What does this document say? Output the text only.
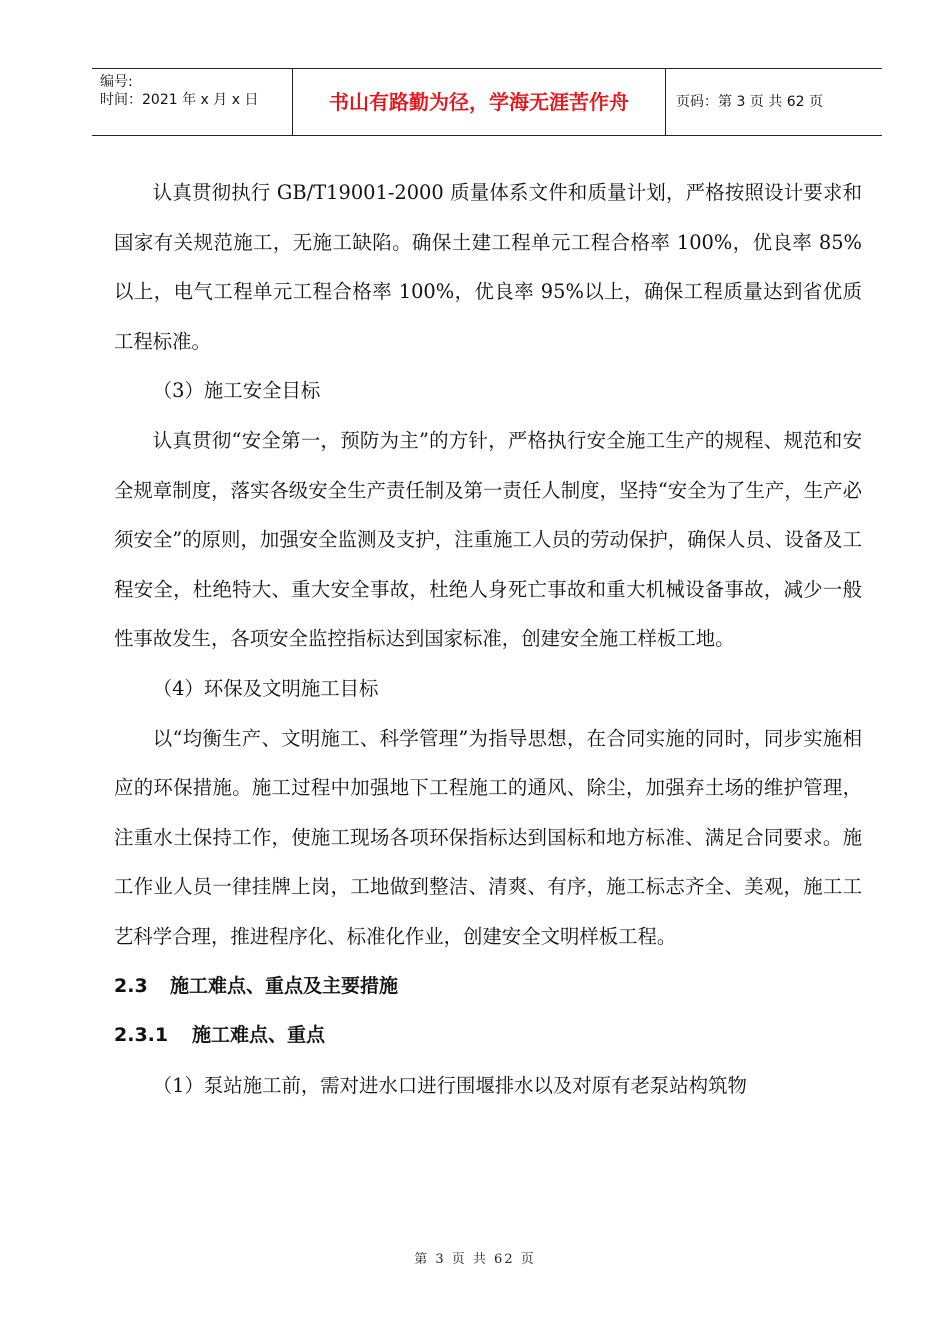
编号:
时间：2021 年 x 月 x 日	书山有路勤为径，学海无涯苦作舟	页码：第 3 页 共 62 页

认真贯彻执行 GB/T19001-2000 质量体系文件和质量计划，严格按照设计要求和国家有关规范施工，无施工缺陷。确保土建工程单元工程合格率 100%，优良率 85%以上，电气工程单元工程合格率 100%，优良率 95%以上，确保工程质量达到省优质工程标准。

（3）施工安全目标

认真贯彻“安全第一，预防为主”的方针，严格执行安全施工生产的规程、规范和安全规章制度，落实各级安全生产责任制及第一责任人制度，坚持“安全为了生产，生产必须安全”的原则，加强安全监测及支护，注重施工人员的劳动保护，确保人员、设备及工程安全，杜绝特大、重大安全事故，杜绝人身死亡事故和重大机械设备事故，减少一般性事故发生，各项安全监控指标达到国家标准，创建安全施工样板工地。

（4）环保及文明施工目标

以“均衡生产、文明施工、科学管理”为指导思想，在合同实施的同时，同步实施相应的环保措施。施工过程中加强地下工程施工的通风、除尘，加强弃土场的维护管理，注重水土保持工作，使施工现场各项环保指标达到国标和地方标准、满足合同要求。施工作业人员一律挂牌上岗，工地做到整洁、清爽、有序，施工标志齐全、美观，施工工艺科学合理，推进程序化、标准化作业，创建安全文明样板工程。

2.3 施工难点、重点及主要措施
2.3.1 施工难点、重点

（1）泵站施工前，需对进水口进行围堰排水以及对原有老泵站构筑物

第 3 页 共 62 页
